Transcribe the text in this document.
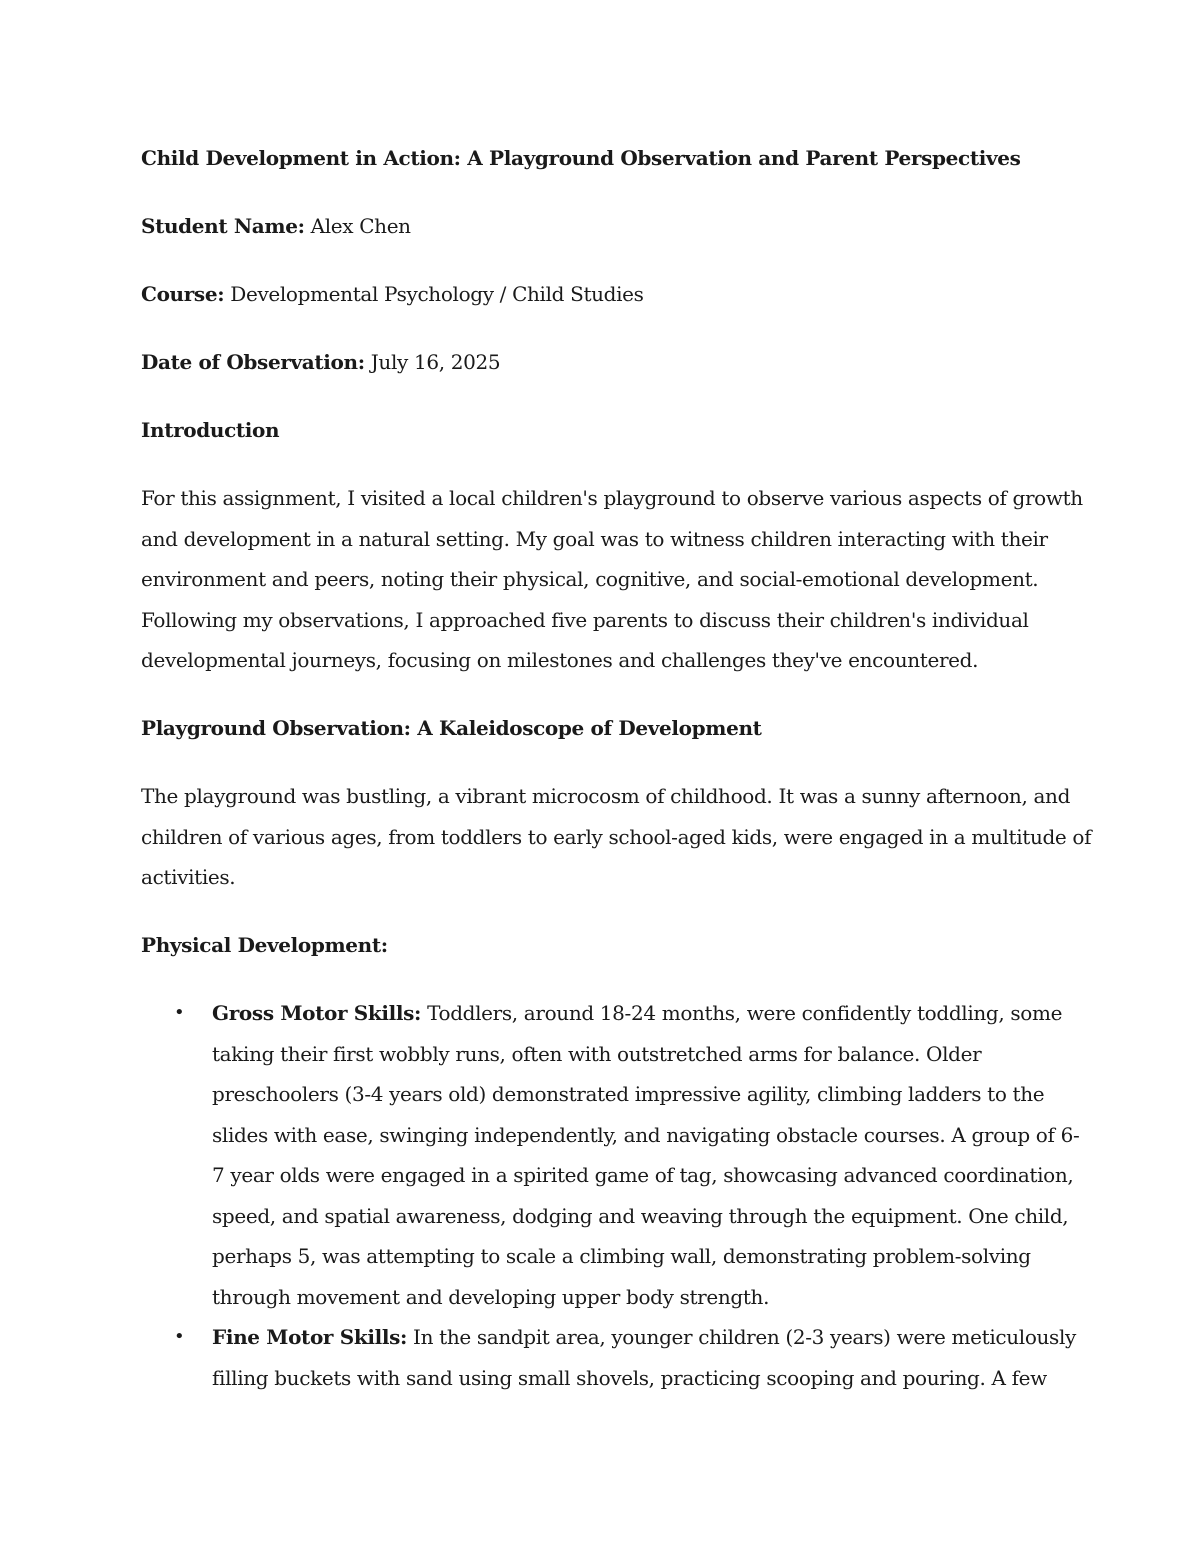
Child Development in Action: A Playground Observation and Parent Perspectives
Student Name: Alex Chen
Course: Developmental Psychology / Child Studies
Date of Observation: July 16, 2025
Introduction
For this assignment, I visited a local children's playground to observe various aspects of growth
and development in a natural setting. My goal was to witness children interacting with their
environment and peers, noting their physical, cognitive, and social-emotional development.
Following my observations, I approached five parents to discuss their children's individual
developmental journeys, focusing on milestones and challenges they've encountered.
Playground Observation: A Kaleidoscope of Development
The playground was bustling, a vibrant microcosm of childhood. It was a sunny afternoon, and
children of various ages, from toddlers to early school-aged kids, were engaged in a multitude of
activities.
Physical Development:
• Gross Motor Skills: Toddlers, around 18-24 months, were confidently toddling, some
taking their first wobbly runs, often with outstretched arms for balance. Older
preschoolers (3-4 years old) demonstrated impressive agility, climbing ladders to the
slides with ease, swinging independently, and navigating obstacle courses. A group of 6-
7 year olds were engaged in a spirited game of tag, showcasing advanced coordination,
speed, and spatial awareness, dodging and weaving through the equipment. One child,
perhaps 5, was attempting to scale a climbing wall, demonstrating problem-solving
through movement and developing upper body strength.
• Fine Motor Skills: In the sandpit area, younger children (2-3 years) were meticulously
filling buckets with sand using small shovels, practicing scooping and pouring. A few
